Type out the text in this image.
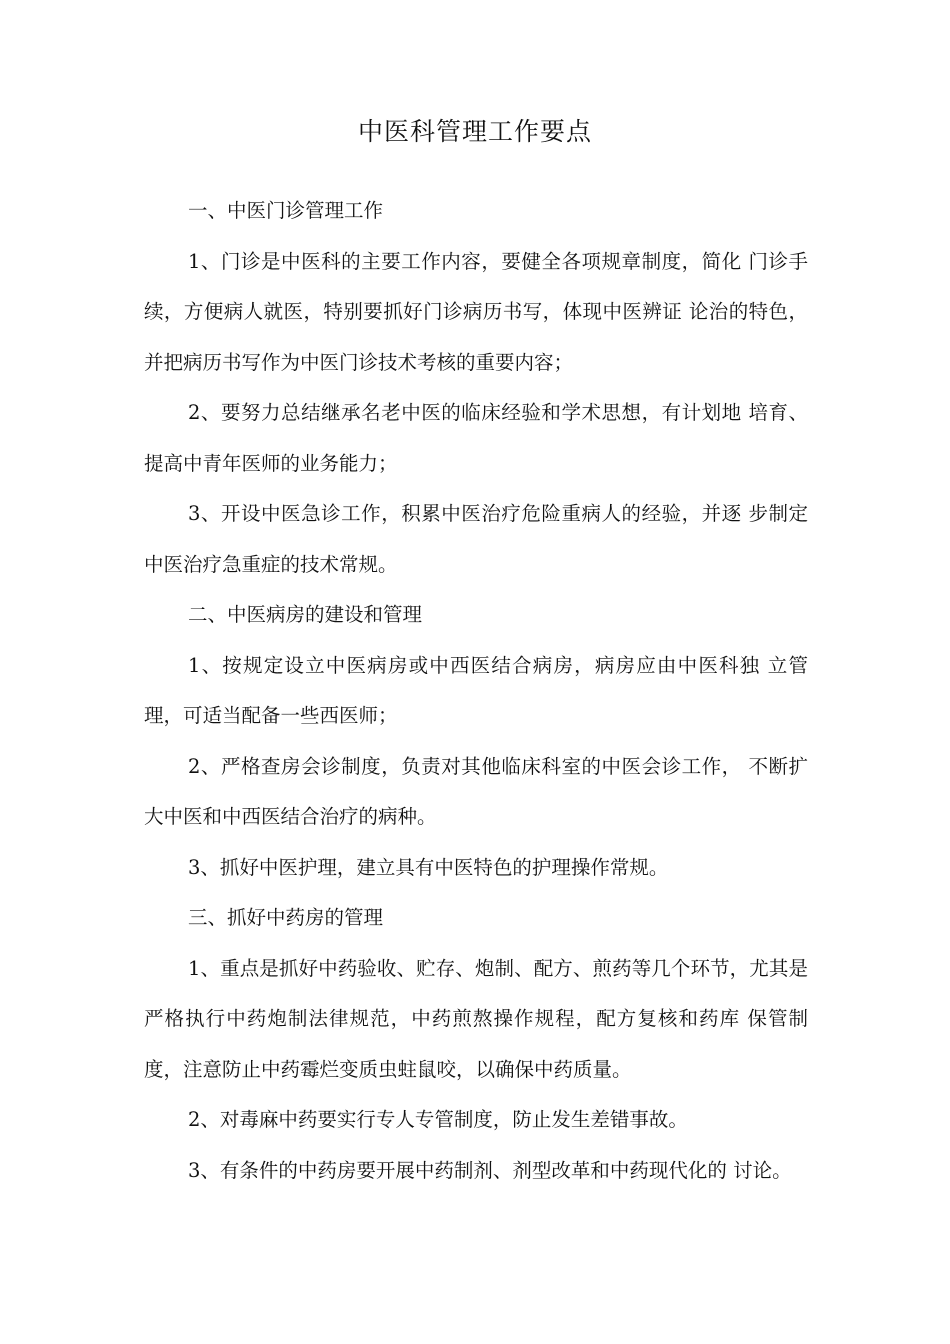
中医科管理工作要点

一、中医门诊管理工作

1、门诊是中医科的主要工作内容，要健全各项规章制度，简化 门诊手续，方便病人就医，特别要抓好门诊病历书写，体现中医辨证 论治的特色，并把病历书写作为中医门诊技术考核的重要内容；

2、要努力总结继承名老中医的临床经验和学术思想，有计划地 培育、提高中青年医师的业务能力；

3、开设中医急诊工作，积累中医治疗危险重病人的经验，并逐 步制定中医治疗急重症的技术常规。

二、中医病房的建设和管理

1、按规定设立中医病房或中西医结合病房，病房应由中医科独 立管理，可适当配备一些西医师；

2、严格查房会诊制度，负责对其他临床科室的中医会诊工作， 不断扩大中医和中西医结合治疗的病种。

3、抓好中医护理，建立具有中医特色的护理操作常规。

三、抓好中药房的管理

1、重点是抓好中药验收、贮存、炮制、配方、煎药等几个环节，尤其是严格执行中药炮制法律规范，中药煎熬操作规程，配方复核和药库 保管制度，注意防止中药霉烂变质虫蛀鼠咬，以确保中药质量。

2、对毒麻中药要实行专人专管制度，防止发生差错事故。

3、有条件的中药房要开展中药制剂、剂型改革和中药现代化的 讨论。
